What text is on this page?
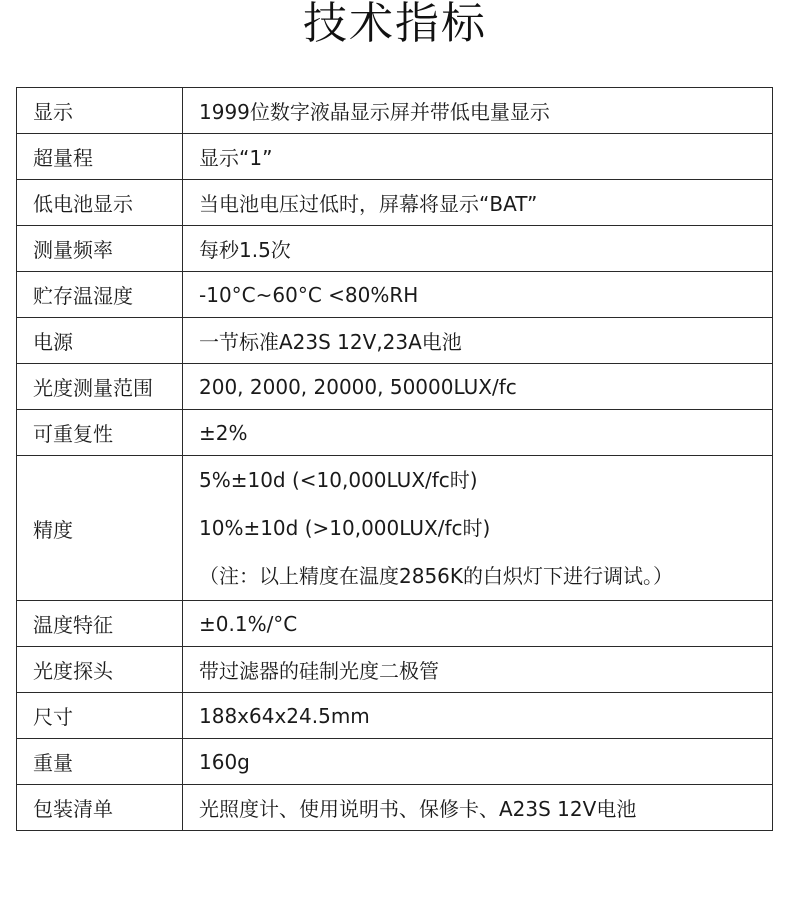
技术指标
显示	1999位数字液晶显示屏并带低电量显示
超量程	显示“1”
低电池显示	当电池电压过低时，屏幕将显示“BAT”
测量频率	每秒1.5次
贮存温湿度	-10°C~60°C <80%RH
电源	一节标准A23S 12V,23A电池
光度测量范围	200, 2000, 20000, 50000LUX/fc
可重复性	±2%
精度	5%±10d (<10,000LUX/fc时)
10%±10d (>10,000LUX/fc时)
（注：以上精度在温度2856K的白炽灯下进行调试。）

温度特征	±0.1%/°C
光度探头	带过滤器的硅制光度二极管
尺寸	188x64x24.5mm
重量	160g
包装清单	光照度计、使用说明书、保修卡、A23S 12V电池
